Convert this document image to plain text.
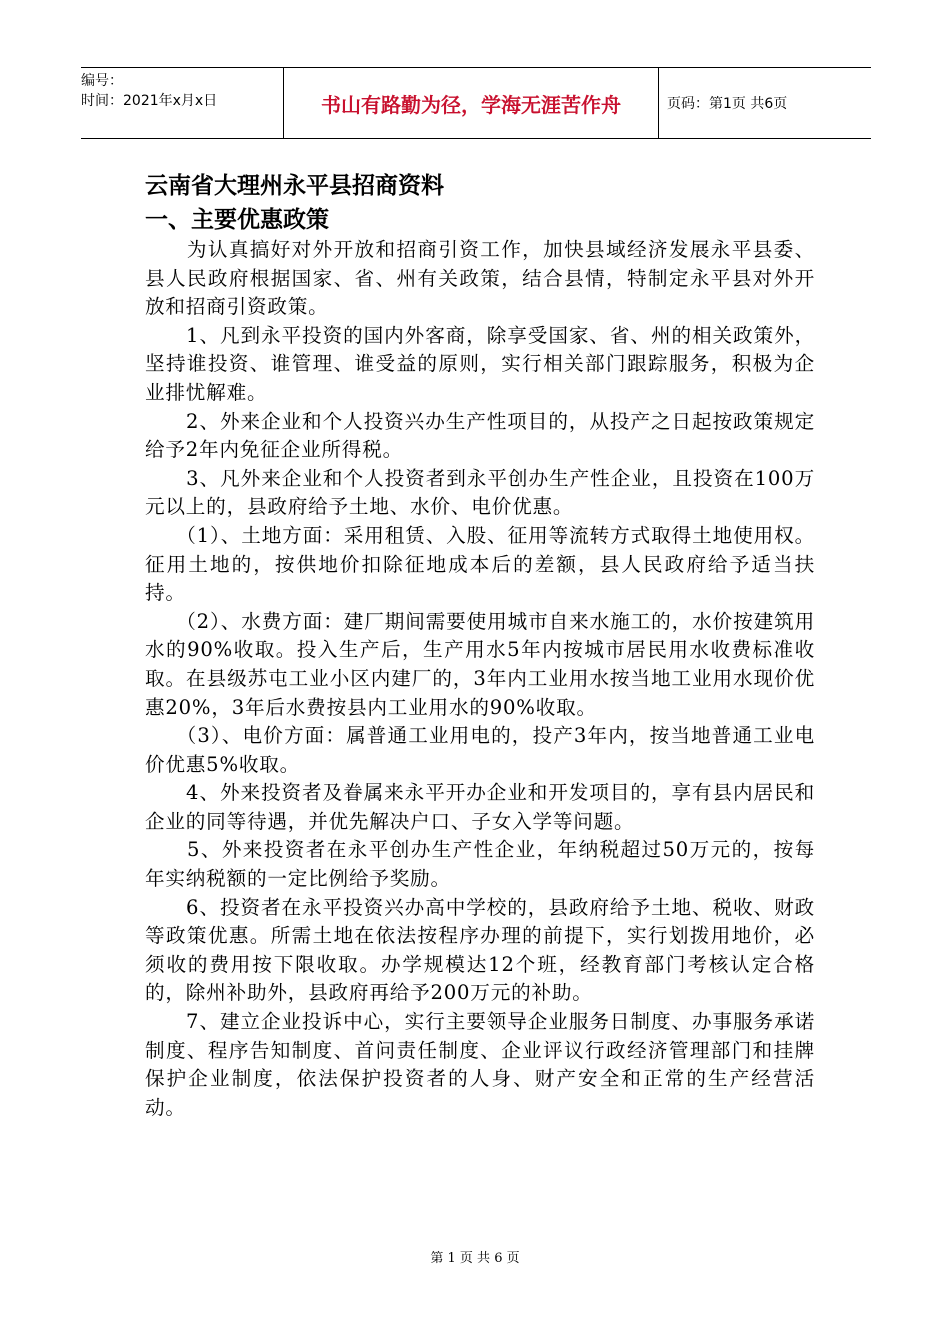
编号：
时间：2021年x月x日	书山有路勤为径，学海无涯苦作舟	页码：第1页 共6页
云南省大理州永平县招商资料
一、主要优惠政策

　　为认真搞好对外开放和招商引资工作，加快县域经济发展永平县委、县人民政府根据国家、省、州有关政策，结合县情，特制定永平县对外开放和招商引资政策。

　　1、凡到永平投资的国内外客商，除享受国家、省、州的相关政策外，坚持谁投资、谁管理、谁受益的原则，实行相关部门跟踪服务，积极为企业排忧解难。

　　2、外来企业和个人投资兴办生产性项目的，从投产之日起按政策规定给予2年内免征企业所得税。

　　3、凡外来企业和个人投资者到永平创办生产性企业，且投资在100万元以上的，县政府给予土地、水价、电价优惠。

　　（1）、土地方面：采用租赁、入股、征用等流转方式取得土地使用权。征用土地的，按供地价扣除征地成本后的差额，县人民政府给予适当扶持。

　　（2）、水费方面：建厂期间需要使用城市自来水施工的，水价按建筑用水的90%收取。投入生产后，生产用水5年内按城市居民用水收费标准收取。在县级苏屯工业小区内建厂的，3年内工业用水按当地工业用水现价优惠20%，3年后水费按县内工业用水的90%收取。

　　（3）、电价方面：属普通工业用电的，投产3年内，按当地普通工业电价优惠5%收取。

　　4、外来投资者及眷属来永平开办企业和开发项目的，享有县内居民和企业的同等待遇，并优先解决户口、子女入学等问题。

　　5、外来投资者在永平创办生产性企业，年纳税超过50万元的，按每年实纳税额的一定比例给予奖励。

　　6、投资者在永平投资兴办高中学校的，县政府给予土地、税收、财政等政策优惠。所需土地在依法按程序办理的前提下，实行划拨用地价，必须收的费用按下限收取。办学规模达12个班，经教育部门考核认定合格的，除州补助外，县政府再给予200万元的补助。

　　7、建立企业投诉中心，实行主要领导企业服务日制度、办事服务承诺制度、程序告知制度、首问责任制度、企业评议行政经济管理部门和挂牌保护企业制度，依法保护投资者的人身、财产安全和正常的生产经营活动。

第 1 页 共 6 页
